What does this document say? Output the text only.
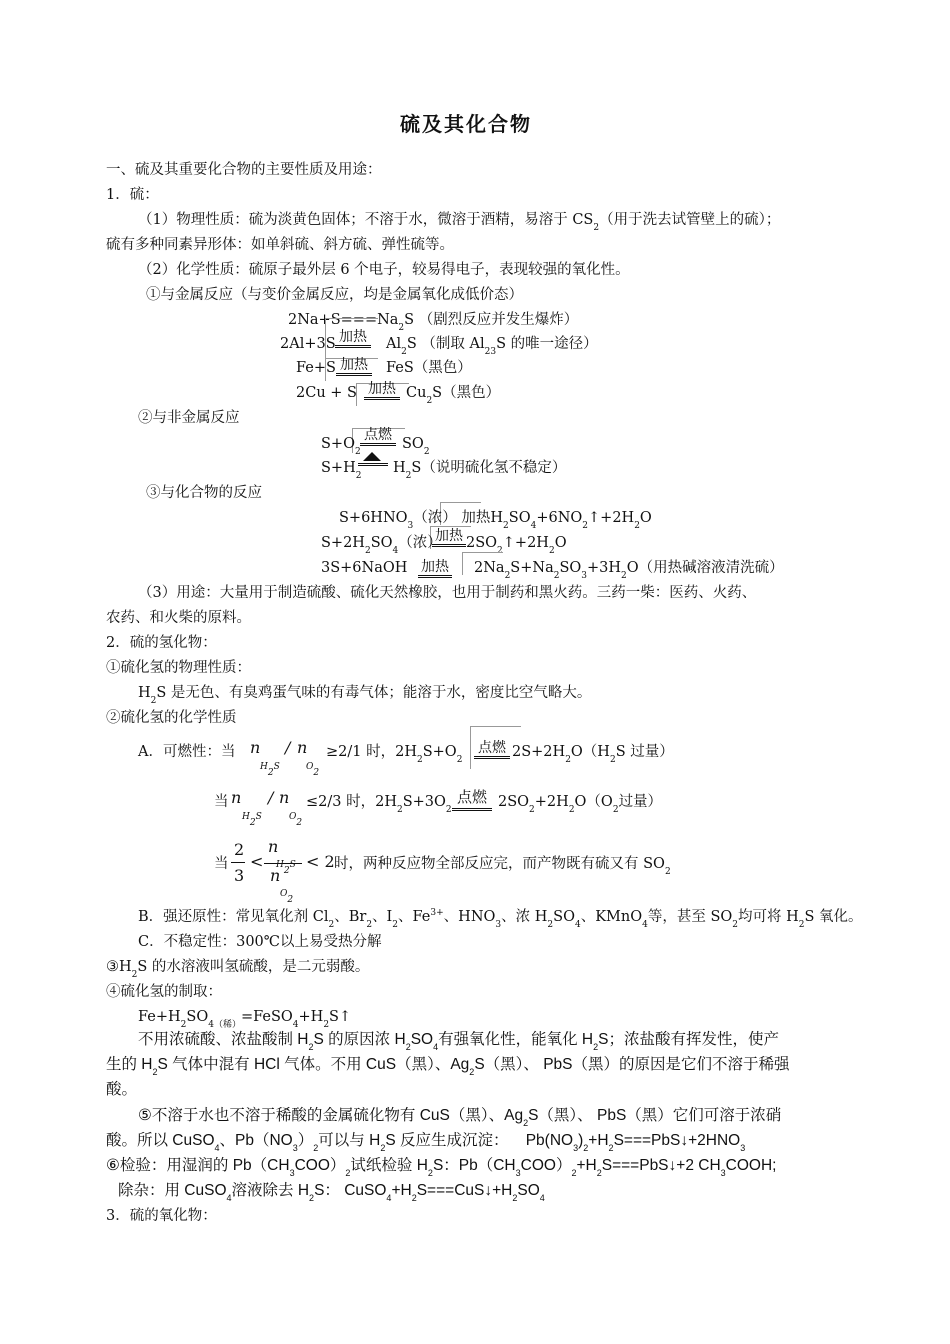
硫及其化合物
一、硫及其重要化合物的主要性质及用途：
1．硫：
（1）物理性质：硫为淡黄色固体；不溶于水，微溶于酒精，易溶于 $CS_2$（用于洗去试管壁上的硫）；
硫有多种同素异形体：如单斜硫、斜方硫、弹性硫等。
（2）化学性质：硫原子最外层 6 个电子，较易得电子，表现较强的氧化性。
①与金属反应（与变价金属反应，均是金属氧化成低价态）
$2Na+S===Na_2S$ （剧烈反应并发生爆炸）
2Al+3S 加热 $Al_2S$ （制取 $Al_{23}S$ 的唯一途径）
Fe+S 加热 FeS（黑色）
2Cu + S 加热 $Cu_2S$（黑色）
②与非金属反应
$S+O_2$
点燃
$SO_2$
$S+H_2$ $H_2S$（说明硫化氢不稳定）
③与化合物的反应
$S+6HNO_3$（浓） 加热$H_2SO_4+6NO_2↑+2H_2O$
$S+2H_2SO_4$（浓）
加热 $2SO_2↑+2H_2O$
3S+6NaOH 加热 $2Na_2S+Na_2SO_3+3H_2O$（用热碱溶液清洗硫）
（3）用途：大量用于制造硫酸、硫化天然橡胶，也用于制药和黑火药。三药一柴：医药、火药、
农药、和火柴的原料。
2．硫的氢化物：
①硫化氢的物理性质：
$H_2S$ 是无色、有臭鸡蛋气味的有毒气体；能溶于水，密度比空气略大。
②硫化氢的化学性质
A．可燃性：当 n
$H_2S$
/ n
$O_2$
≥2/1 时，$2H_2S+O_2$
点燃 $2S+2H_2O(H_2S$ 过量）
当 n
$H_2S$
/ n
$O_2$
≤2/3 时，$2H_2S+3O_2$
点燃 $2SO_2+2H_2O(O_2$过量）
当
2
3
<
n
$H_2S$
n
$O_2$
< 2 时，两种反应物全部反应完，而产物既有硫又有 $SO_2$
B．强还原性：常见氧化剂 $Cl_2$、$Br_2$、$I_2$、$Fe^{3+}$、$HNO_3$、浓 $H_2SO_4$、KMnO$_4$等，甚至 $SO_2$均可将 $H_2S$ 氧化。
C．不稳定性：300℃以上易受热分解
$③H_2S$ 的水溶液叫氢硫酸，是二元弱酸。
④硫化氢的制取：
$Fe+H_2SO_{4(稀)}=FeSO_4+H_2S↑$
不用浓硫酸、浓盐酸制 $H_2S$ 的原因浓 $H_2SO_4$有强氧化性，能氧化 $H_2S$；浓盐酸有挥发性，使产
生的 $H_2S$ 气体中混有 HCl 气体。不用 CuS（黑）、$Ag_2S$（黑）、 PbS（黑）的原因是它们不溶于稀强
酸。
⑤不溶于水也不溶于稀酸的金属硫化物有 CuS（黑）、$Ag_2S$（黑）、 PbS（黑）它们可溶于浓硝
酸。所以 CuSO$_4$、$Pb(NO_3)_2$可以与 $H_2S$ 反应生成沉淀： $Pb(NO_3)_2+H_2S===PbS↓+2HNO_3$
⑥检验：用湿润的 $Pb(CH_3COO)_2$试纸检验 $H_2S$：$Pb(CH_3COO)_2+H_2S===PbS↓+2$ $CH_3COOH$;
除杂：用 CuSO$_4$溶液除去 $H_2S$： $CuSO_4+H_2S===CuS↓+H_2SO_4$
3．硫的氧化物：
